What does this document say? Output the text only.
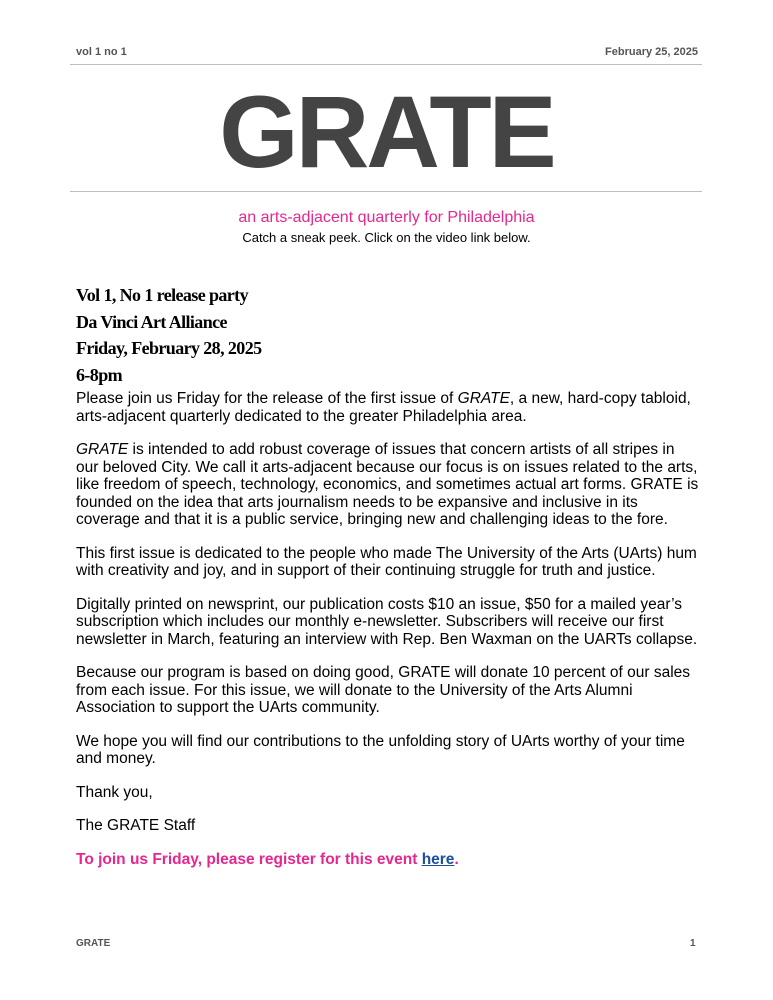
vol 1 no 1	February 25, 2025
GRATE
an arts-adjacent quarterly for Philadelphia
Catch a sneak peek. Click on the video link below.
Vol 1, No 1 release party
Da Vinci Art Alliance
Friday, February 28, 2025
6-8pm

Please join us Friday for the release of the first issue of GRATE, a new, hard-copy tabloid, arts-adjacent quarterly dedicated to the greater Philadelphia area.

GRATE is intended to add robust coverage of issues that concern artists of all stripes in our beloved City. We call it arts-adjacent because our focus is on issues related to the arts, like freedom of speech, technology, economics, and sometimes actual art forms. GRATE is founded on the idea that arts journalism needs to be expansive and inclusive in its coverage and that it is a public service, bringing new and challenging ideas to the fore.

This first issue is dedicated to the people who made The University of the Arts (UArts) hum with creativity and joy, and in support of their continuing struggle for truth and justice.

Digitally printed on newsprint, our publication costs $10 an issue, $50 for a mailed year’s subscription which includes our monthly e-newsletter. Subscribers will receive our first newsletter in March, featuring an interview with Rep. Ben Waxman on the UARTs collapse.

Because our program is based on doing good, GRATE will donate 10 percent of our sales from each issue. For this issue, we will donate to the University of the Arts Alumni Association to support the UArts community.

We hope you will find our contributions to the unfolding story of UArts worthy of your time and money.

Thank you,

The GRATE Staff

To join us Friday, please register for this event here.

GRATE	1
